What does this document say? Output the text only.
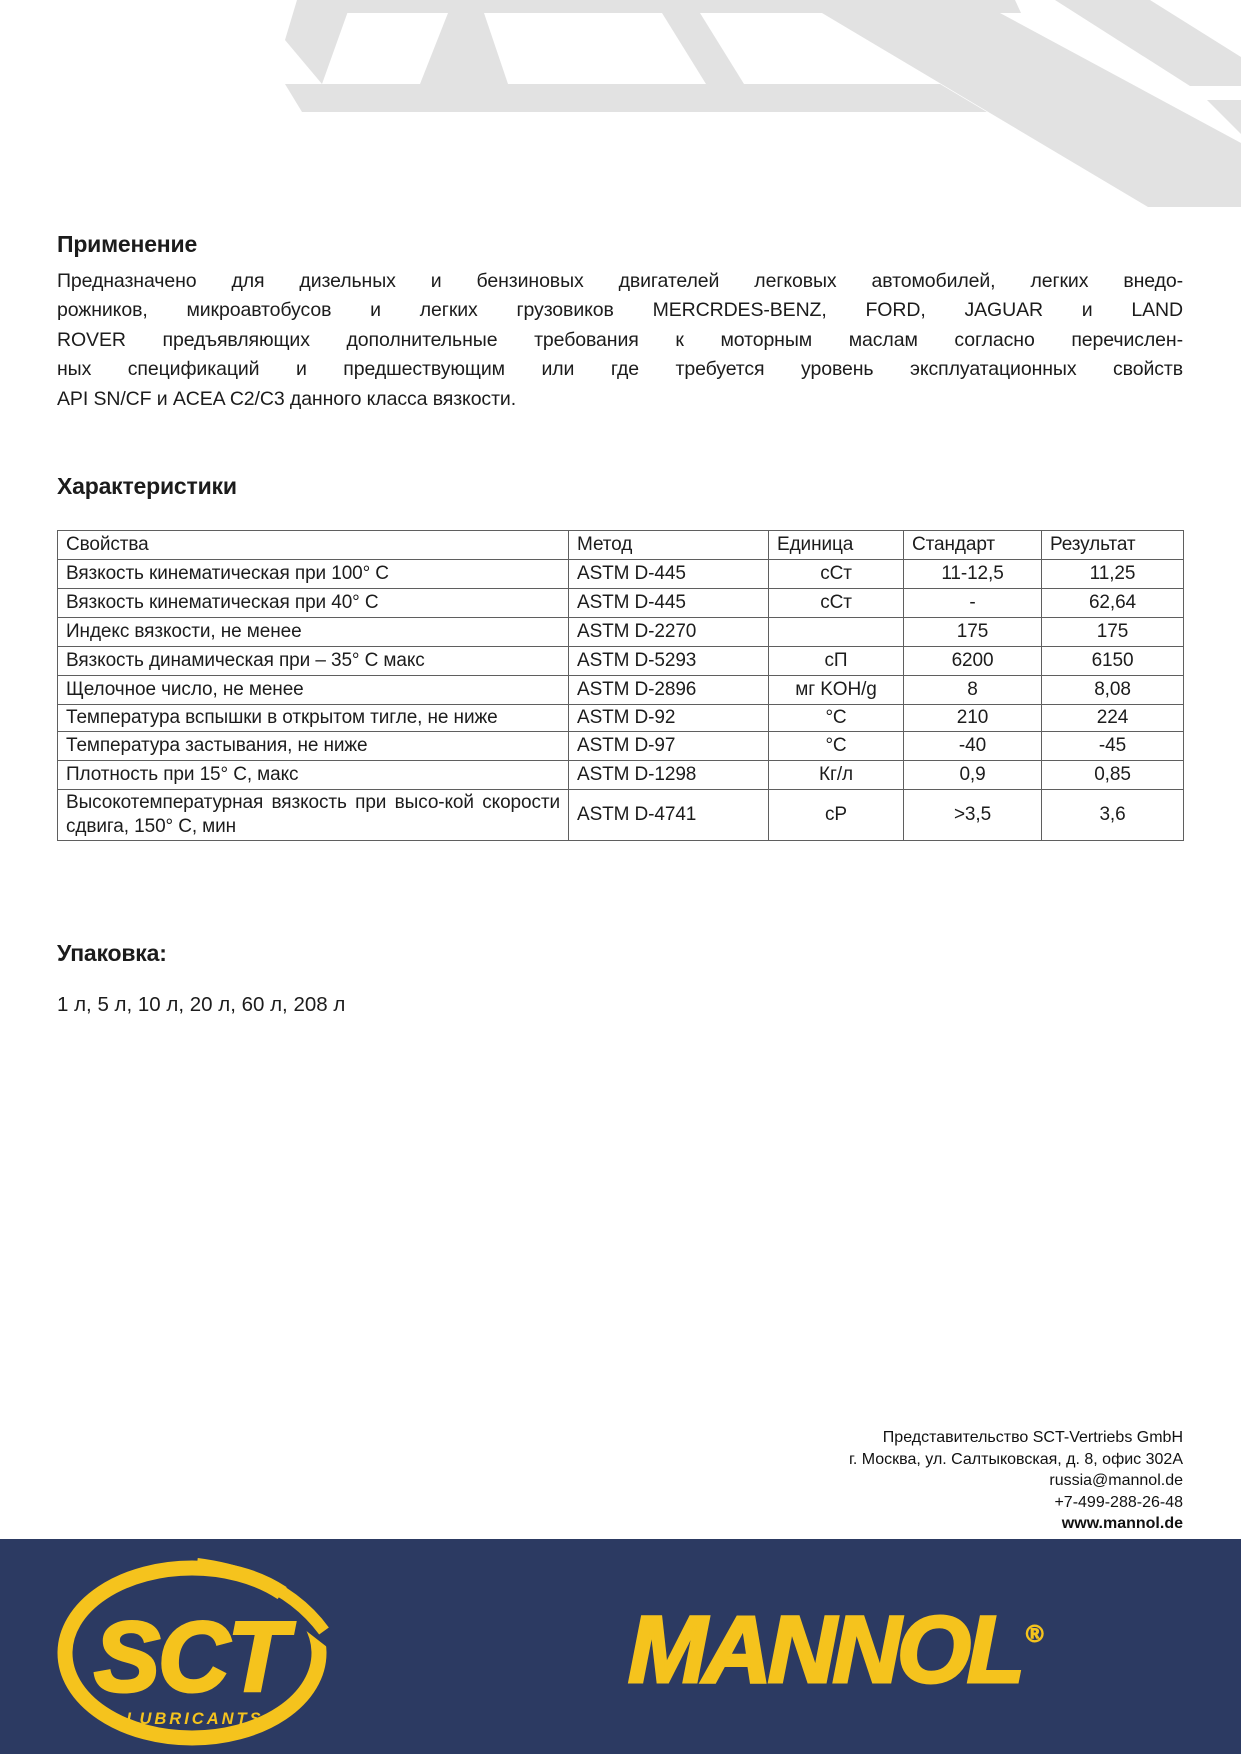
Применение
Предназначено для дизельных и бензиновых двигателей легковых автомобилей, легких внедо-
рожников, микроавтобусов и легких грузовиков MERCRDES-BENZ, FORD, JAGUAR и LAND
ROVER предъявляющих дополнительные требования к моторным маслам согласно перечислен-
ных спецификаций и предшествующим или где требуется уровень эксплуатационных свойств
API SN/CF и ACEA C2/C3 данного класса вязкости.
Характеристики
Свойства	Метод	Единица	Стандарт	Результат
Вязкость кинематическая при 100° C	ASTM D-445	сСт	11-12,5	11,25
Вязкость кинематическая при 40° C	ASTM D-445	сСт	-	62,64
Индекс вязкости, не менее	ASTM D-2270		175	175
Вязкость динамическая при – 35° C макс	ASTM D-5293	сП	6200	6150
Щелочное число, не менее	ASTM D-2896	мг KOH/g	8	8,08
Температура вспышки в открытом тигле, не ниже	ASTM D-92	°C	210	224
Температура застывания, не ниже	ASTM D-97	°C	-40	-45
Плотность при 15° C, макс	ASTM D-1298	Кг/л	0,9	0,85
Высокотемпературная вязкость при высо-кой скорости сдвига, 150° C, мин	ASTM D-4741	сР	>3,5	3,6
Упаковка:
1 л, 5 л, 10 л, 20 л, 60 л, 208 л
Представительство SCT-Vertriebs GmbH
г. Москва, ул. Салтыковская, д. 8, офис 302А
russia@mannol.de
+7-499-288-26-48
www.mannol.de
SCT
LUBRICANTS
MANNOL ®
